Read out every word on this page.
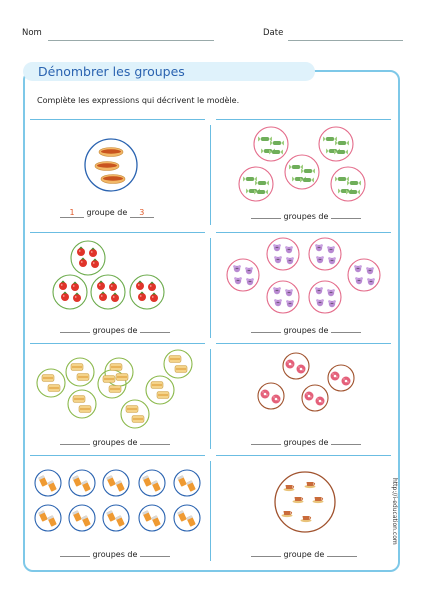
Nom	Date
Dénombrer les groupes
Complète les expressions qui décrivent le modèle.
1 groupe de 3	groupes de
groupes de	groupes de
groupes de	groupes de
groupes de	groupe de
http://i-education.com
